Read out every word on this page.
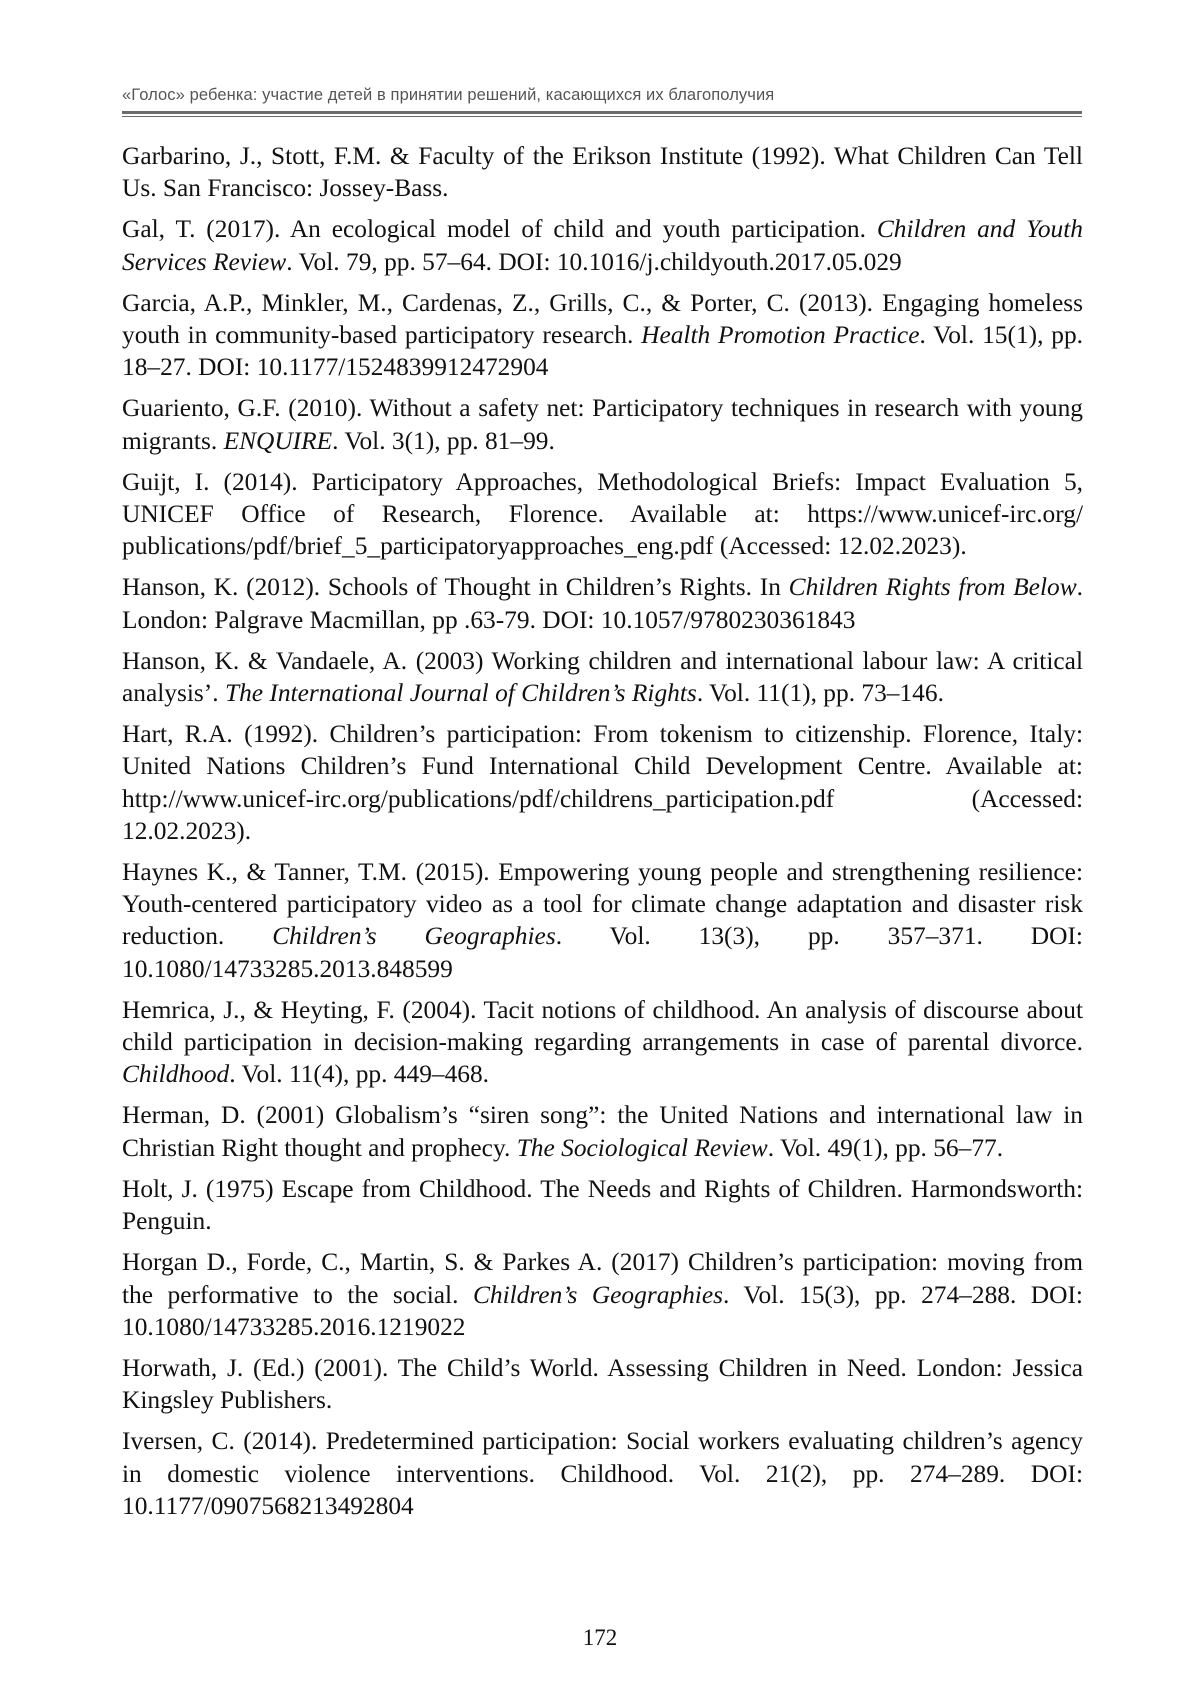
«Голос» ребенка: участие детей в принятии решений, касающихся их благополучия
Garbarino, J., Stott, F.M. & Faculty of the Erikson Institute (1992). What Children Can Tell Us. San Francisco: Jossey-Bass.
Gal, T. (2017). An ecological model of child and youth participation. Children and Youth Services Review. Vol. 79, pp. 57–64. DOI: 10.1016/j.childyouth.2017.05.029
Garcia, A.P., Minkler, M., Cardenas, Z., Grills, C., & Porter, C. (2013). Engaging homeless youth in community-based participatory research. Health Promotion Practice. Vol. 15(1), pp. 18–27. DOI: 10.1177/1524839912472904
Guariento, G.F. (2010). Without a safety net: Participatory techniques in research with young migrants. ENQUIRE. Vol. 3(1), pp. 81–99.
Guijt, I. (2014). Participatory Approaches, Methodological Briefs: Impact Evaluation 5, UNICEF Office of Research, Florence. Available at: https://www.unicef-irc.org/ publications/pdf/brief_5_participatoryapproaches_eng.pdf (Accessed: 12.02.2023).
Hanson, K. (2012). Schools of Thought in Children’s Rights. In Children Rights from Below. London: Palgrave Macmillan, pp .63-79. DOI: 10.1057/9780230361843
Hanson, K. & Vandaele, A. (2003) Working children and international labour law: A critical analysis’. The International Journal of Children’s Rights. Vol. 11(1), pp. 73–146.
Hart, R.A. (1992). Children’s participation: From tokenism to citizenship. Florence, Italy: United Nations Children’s Fund International Child Development Centre. Available at: http://www.unicef-irc.org/publications/pdf/childrens_participation.pdf (Accessed: 12.02.2023).
Haynes K., & Tanner, T.M. (2015). Empowering young people and strengthening resilience: Youth-centered participatory video as a tool for climate change adaptation and disaster risk reduction. Children’s Geographies. Vol. 13(3), pp. 357–371. DOI: 10.1080/14733285.2013.848599
Hemrica, J., & Heyting, F. (2004). Tacit notions of childhood. An analysis of discourse about child participation in decision-making regarding arrangements in case of parental divorce. Childhood. Vol. 11(4), pp. 449–468.
Herman, D. (2001) Globalism’s “siren song”: the United Nations and international law in Christian Right thought and prophecy. The Sociological Review. Vol. 49(1), pp. 56–77.
Holt, J. (1975) Escape from Childhood. The Needs and Rights of Children. Harmondsworth: Penguin.
Horgan D., Forde, C., Martin, S. & Parkes A. (2017) Children’s participation: moving from the performative to the social. Children’s Geographies. Vol. 15(3), pp. 274–288. DOI: 10.1080/14733285.2016.1219022
Horwath, J. (Ed.) (2001). The Child’s World. Assessing Children in Need. London: Jessica Kingsley Publishers.
Iversen, C. (2014). Predetermined participation: Social workers evaluating children’s agency in domestic violence interventions. Childhood. Vol. 21(2), pp. 274–289. DOI: 10.1177/0907568213492804
172
